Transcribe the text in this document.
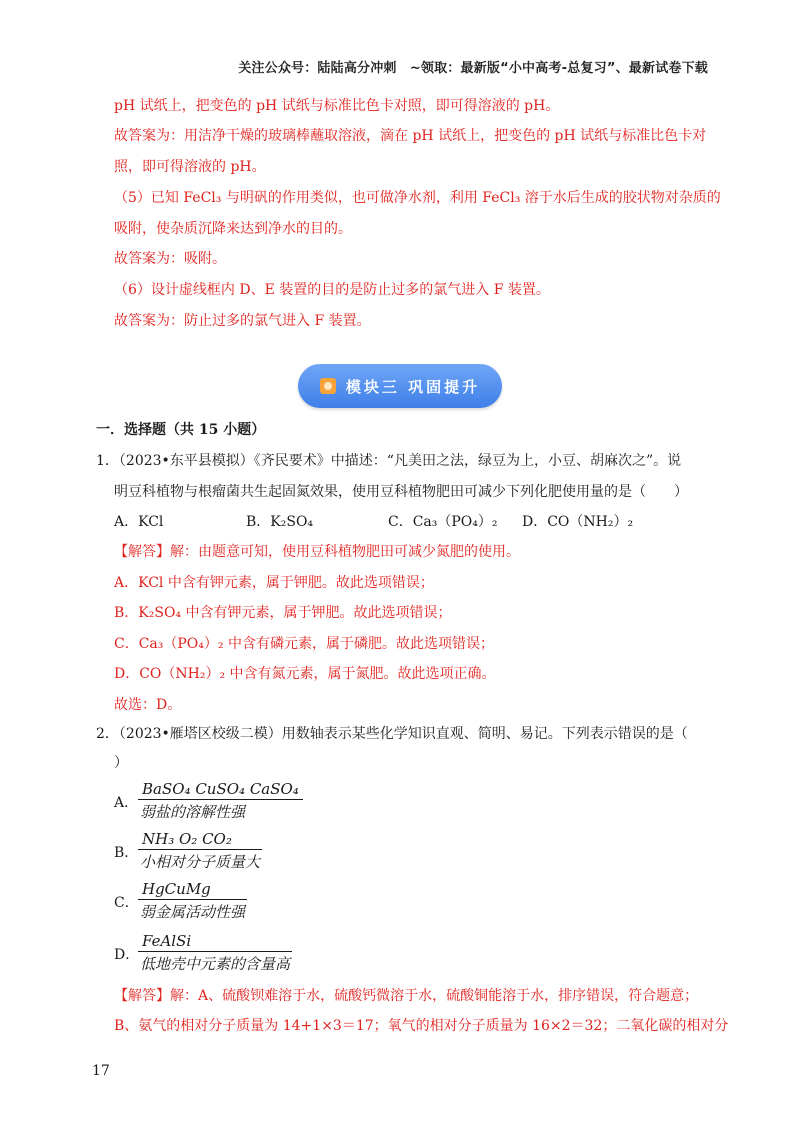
关注公众号：陆陆高分冲刺　~领取：最新版“小中高考-总复习”、最新试卷下载
pH 试纸上，把变色的 pH 试纸与标准比色卡对照，即可得溶液的 pH。
故答案为：用洁净干燥的玻璃棒蘸取溶液，滴在 pH 试纸上，把变色的 pH 试纸与标准比色卡对
照，即可得溶液的 pH。
（5）已知 FeCl₃ 与明矾的作用类似，也可做净水剂，利用 FeCl₃ 溶于水后生成的胶状物对杂质的
吸附，使杂质沉降来达到净水的目的。
故答案为：吸附。
（6）设计虚线框内 D、E 装置的目的是防止过多的氯气进入 F 装置。
故答案为：防止过多的氯气进入 F 装置。
模块三 巩固提升
一．选择题（共 15 小题）
1．（2023•东平县模拟）《齐民要术》中描述：“凡美田之法，绿豆为上，小豆、胡麻次之”。说
明豆科植物与根瘤菌共生起固氮效果，使用豆科植物肥田可减少下列化肥使用量的是（　　）
A．KCl	B．K₂SO₄	C．Ca₃（PO₄）₂ D．CO（NH₂）₂
【解答】解：由题意可知，使用豆科植物肥田可减少氮肥的使用。
A．KCl 中含有钾元素，属于钾肥。故此选项错误；
B．K₂SO₄ 中含有钾元素，属于钾肥。故此选项错误；
C．Ca₃（PO₄）₂ 中含有磷元素，属于磷肥。故此选项错误；
D．CO（NH₂）₂ 中含有氮元素，属于氮肥。故此选项正确。
故选：D。
2．（2023•雁塔区校级二模）用数轴表示某些化学知识直观、简明、易记。下列表示错误的是（
）
A．
BaSO₄ CuSO₄ CaSO₄
弱盐的溶解性强
B．
NH₃ O₂ CO₂
小相对分子质量大
C．
HgCuMg
弱金属活动性强
D．
FeAlSi
低地壳中元素的含量高
【解答】解：A、硫酸钡难溶于水，硫酸钙微溶于水，硫酸铜能溶于水，排序错误，符合题意；
B、氨气的相对分子质量为 14+1×3＝17；氧气的相对分子质量为 16×2＝32；二氧化碳的相对分
17
